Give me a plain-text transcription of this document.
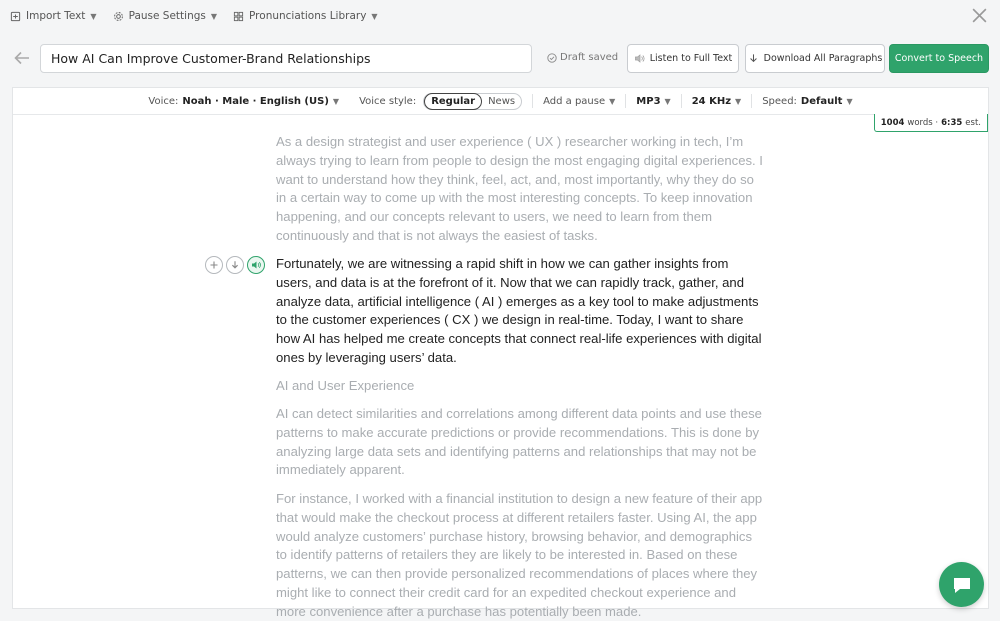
Import Text ▼	Pause Settings ▼	Pronunciations Library ▼
How AI Can Improve Customer-Brand Relationships
Draft saved	Listen to Full Text	Download All Paragraphs Convert to Speech
Voice: Noah · Male · English (US) ▼ Voice style:	Regular	News	Add a pause ▼ MP3 ▼ 24 KHz ▼ Speed: Default ▼
1004 words · 6:35 est.

As a design strategist and user experience ( UX ) researcher working in tech, I’m always trying to learn from people to design the most engaging digital experiences. I want to understand how they think, feel, act, and, most importantly, why they do so in a certain way to come up with the most interesting concepts. To keep innovation happening, and our concepts relevant to users, we need to learn from them continuously and that is not always the easiest of tasks.

Fortunately, we are witnessing a rapid shift in how we can gather insights from users, and data is at the forefront of it. Now that we can rapidly track, gather, and analyze data, artificial intelligence ( AI ) emerges as a key tool to make adjustments to the customer experiences ( CX ) we design in real-time. Today, I want to share how AI has helped me create concepts that connect real-life experiences with digital ones by leveraging users’ data.

AI and User Experience

AI can detect similarities and correlations among different data points and use these patterns to make accurate predictions or provide recommendations. This is done by analyzing large data sets and identifying patterns and relationships that may not be immediately apparent.

For instance, I worked with a financial institution to design a new feature of their app that would make the checkout process at different retailers faster. Using AI, the app would analyze customers’ purchase history, browsing behavior, and demographics to identify patterns of retailers they are likely to be interested in. Based on these patterns, we can then provide personalized recommendations of places where they might like to connect their credit card for an expedited checkout experience and more convenience after a purchase has potentially been made.
